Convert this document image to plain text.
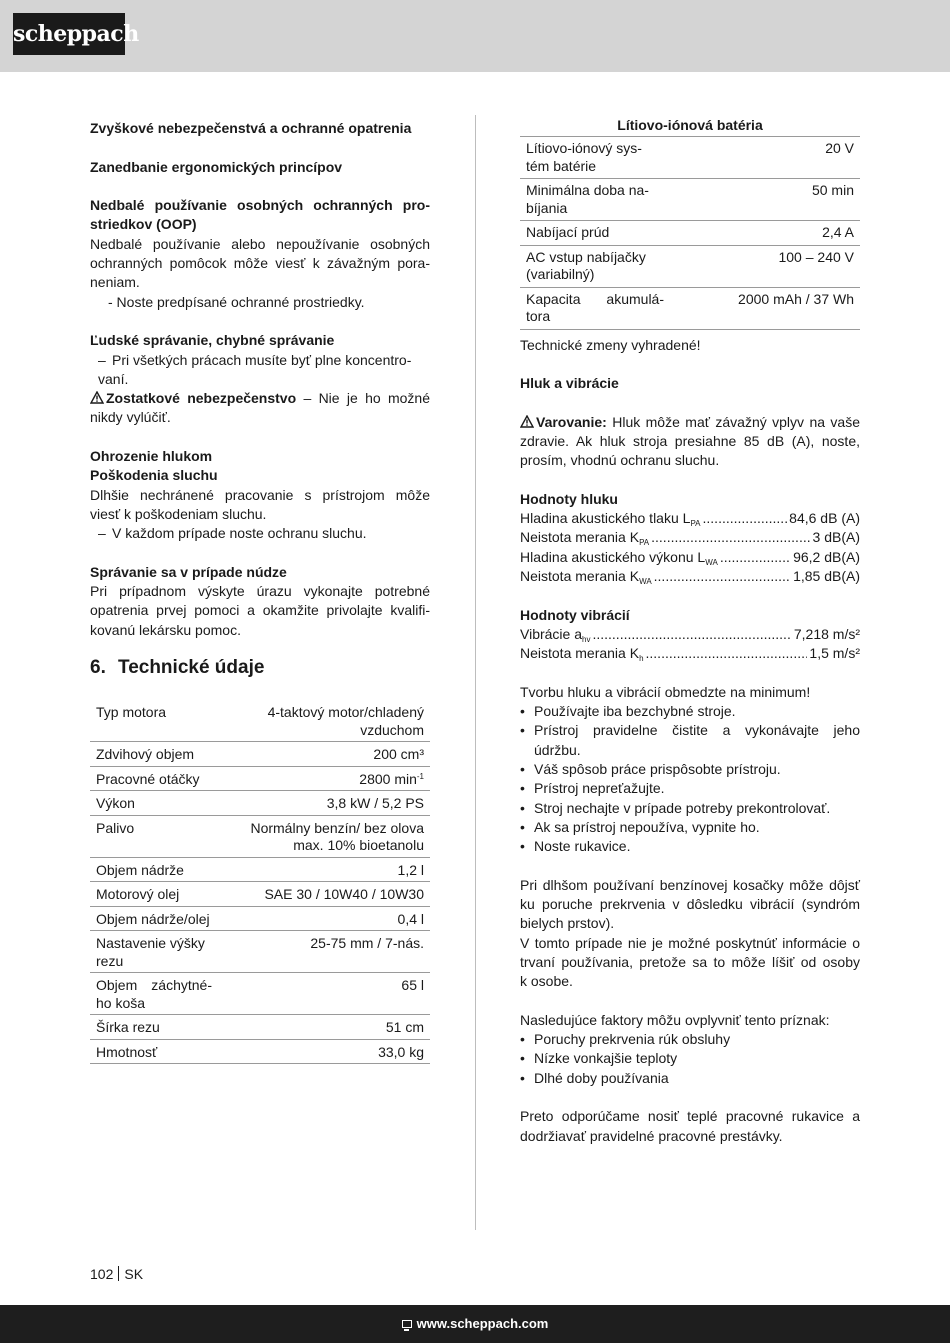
scheppach

Zvyškové nebezpečenstvá a ochranné opatrenia

Zanedbanie ergonomických princípov

Nedbalé používanie osobných ochranných pro-

striedkov (OOP)

Nedbalé používanie alebo nepoužívanie osobných

ochranných pomôcok môže viesť k závažným pora-

neniam.

- Noste predpísané ochranné prostriedky.

Ľudské správanie, chybné správanie

– Pri všetkých prácach musíte byť plne koncentro-

vaní.

Zostatkové nebezpečenstvo – Nie je ho možné

nikdy vylúčiť.

Ohrozenie hlukom

Poškodenia sluchu

Dlhšie nechránené pracovanie s prístrojom môže

viesť k poškodeniam sluchu.

– V každom prípade noste ochranu sluchu.

Správanie sa v prípade núdze

Pri prípadnom výskyte úrazu vykonajte potrebné

opatrenia prvej pomoci a okamžite privolajte kvalifi-

kovanú lekársku pomoc.

6. Technické údaje
Typ motora	4-taktový motor/chladený
vzduchom

Zdvihový objem	200 cm³
Pracovné otáčky	2800 $\min^{-1}$
Výkon	3,8 kW / 5,2 PS
Palivo	Normálny benzín/ bez olova
max. 10% bioetanolu

Objem nádrže	1,2 l
Motorový olej	SAE 30 / 10W40 / 10W30
Objem nádrže/olej	0,4 l

Nastavenie výšky
rezu	25-75 mm / 7-nás.

Objem záchytné-
ho koša	65 l
Šírka rezu	51 cm
Hmotnosť	33,0 kg
Lítiovo-iónová batéria
Lítiovo-iónový sys-
tém batérie	20 V

Minimálna doba na-
bíjania	50 min
Nabíjací prúd	2,4 A

AC vstup nabíjačky
(variabilný)	100 – 240 V

Kapacita akumulá-
tora	2000 mAh / 37 Wh

Technické zmeny vyhradené!

Hluk a vibrácie

Varovanie: Hluk môže mať závažný vplyv na vaše

zdravie. Ak hluk stroja presiahne 85 dB (A), noste,

prosím, vhodnú ochranu sluchu.

Hodnoty hluku

Hladina akustického tlaku $L_{PA}$ .....	84,6 dB (A)
Neistota merania $K_{PA}$ .....	3 dB(A)
Hladina akustického výkonu $L_{WA}$ .....	96,2 dB(A)
Neistota merania $K_{WA}$ .....	1,85 dB(A)

Hodnoty vibrácií

Vibrácie $a_{hv}$ .....	7,218 m/s²
Neistota merania $K_h$ .....	1,5 m/s²

Tvorbu hluku a vibrácií obmedzte na minimum!

• Používajte iba bezchybné stroje.

• Prístroj pravidelne čistite a vykonávajte jeho

údržbu.

• Váš spôsob práce prispôsobte prístroju.

• Prístroj nepreťažujte.

• Stroj nechajte v prípade potreby prekontrolovať.

• Ak sa prístroj nepoužíva, vypnite ho.

• Noste rukavice.

Pri dlhšom používaní benzínovej kosačky môže dôjsť

ku poruche prekrvenia v dôsledku vibrácií (syndróm

bielych prstov).

V tomto prípade nie je možné poskytnúť informácie o

trvaní používania, pretože sa to môže líšiť od osoby

k osobe.

Nasledujúce faktory môžu ovplyvniť tento príznak:

• Poruchy prekrvenia rúk obsluhy

• Nízke vonkajšie teploty

• Dlhé doby používania

Preto odporúčame nosiť teplé pracovné rukavice a

dodržiavať pravidelné pracovné prestávky.

102 SK
www.scheppach.com
